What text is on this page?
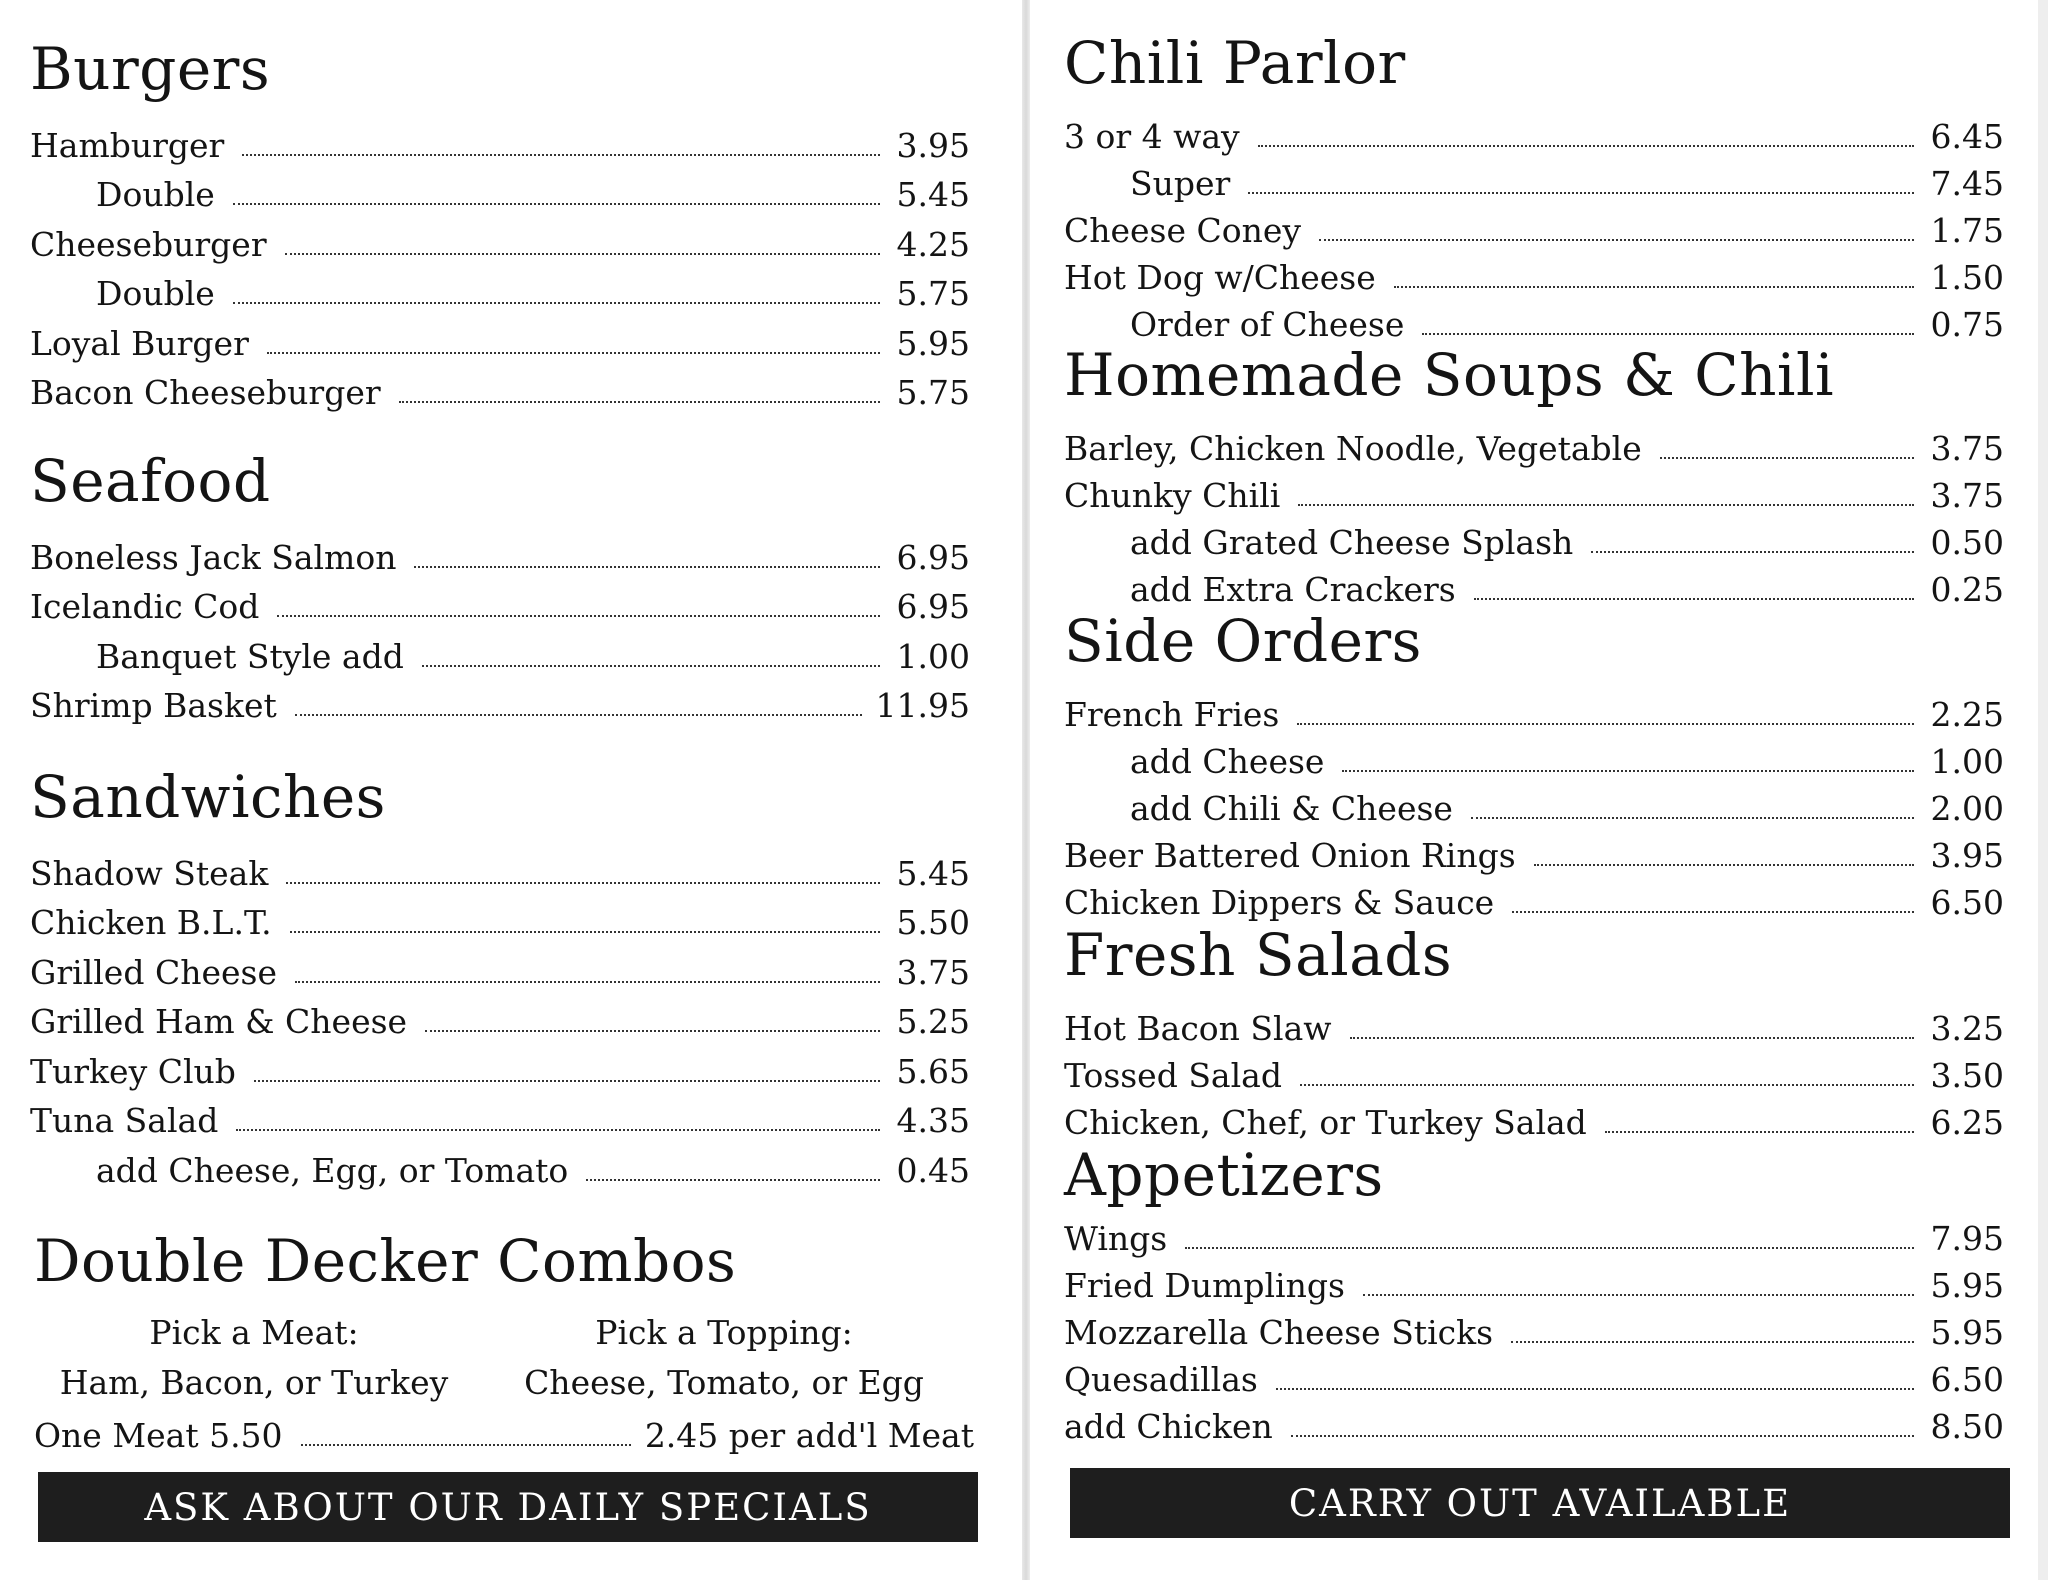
Burgers
Hamburger	3.95
Double	5.45
Cheeseburger	4.25
Double	5.75
Loyal Burger	5.95
Bacon Cheeseburger	5.75
Seafood
Boneless Jack Salmon	6.95
Icelandic Cod	6.95
Banquet Style add	1.00
Shrimp Basket	11.95
Sandwiches
Shadow Steak	5.45
Chicken B.L.T.	5.50
Grilled Cheese	3.75
Grilled Ham & Cheese	5.25
Turkey Club	5.65
Tuna Salad	4.35
add Cheese, Egg, or Tomato	0.45
Double Decker Combos
Pick a Meat:	Pick a Topping:
Ham, Bacon, or Turkey	Cheese, Tomato, or Egg
One Meat 5.50	2.45 per add'l Meat
ASK ABOUT OUR DAILY SPECIALS
Chili Parlor
3 or 4 way	6.45
Super	7.45
Cheese Coney	1.75
Hot Dog w/Cheese	1.50
Order of Cheese	0.75
Homemade Soups & Chili
Barley, Chicken Noodle, Vegetable	3.75
Chunky Chili	3.75
add Grated Cheese Splash	0.50
add Extra Crackers	0.25
Side Orders
French Fries	2.25
add Cheese	1.00
add Chili & Cheese	2.00
Beer Battered Onion Rings	3.95
Chicken Dippers & Sauce	6.50
Fresh Salads
Hot Bacon Slaw	3.25
Tossed Salad	3.50
Chicken, Chef, or Turkey Salad	6.25
Appetizers
Wings	7.95
Fried Dumplings	5.95
Mozzarella Cheese Sticks	5.95
Quesadillas	6.50
add Chicken	8.50
CARRY OUT AVAILABLE
